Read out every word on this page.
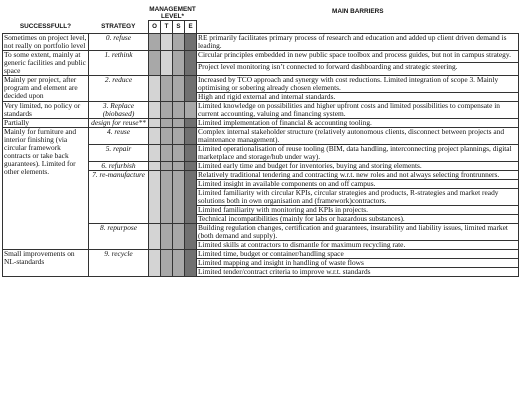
		MANAGEMENT
LEVEL*				MAIN BARRIERS
SUCCESSFULL?	STRATEGY	O	T	S	E	
Sometimes on project level, not really on portfolio level	0. refuse					RE primarily facilitates primary process of research and education and added up client driven demand is leading.
To some extent, mainly at generic facilities and public space	1. rethink					Circular principles embedded in new public space toolbox and process guides, but not in campus strategy.
						Project level monitoring isn’t connected to forward dashboarding and strategic steering.
Mainly per project, after program and element are decided upon	2. reduce					Increased by TCO approach and synergy with cost reductions. Limited integration of scope 3. Mainly optimising or sobering already chosen elements.
						High and rigid external and internal standards.
Very limited, no policy or standards	3. Replace (biobased)					Limited knowledge on possibilities and higher upfront costs and limited possibilities to compensate in current accounting, valuing and financing system.
Partially	design for reuse**					Limited implementation of financial & accounting tooling.
Mainly for furniture and interior finishing (via circular framework contracts or take back guarantees). Limited for other elements.	4. reuse					Complex internal stakeholder structure (relatively autonomous clients, disconnect between projects and maintenance management).
	5. repair					Limited operationalisation of reuse tooling (BIM, data handling, interconnecting project plannings, digital marketplace and storage/hub under way).
	6. refurbish					Limited early time and budget for inventories, buying and storing elements.
	7. re-manufacture					Relatively traditional tendering and contracting w.r.t. new roles and not always selecting frontrunners.
						Limited insight in available components on and off campus.
						Limited familiarity with circular KPIs, circular strategies and products, R-strategies and market ready solutions both in own organisation and (framework)contractors.
						Limited familiarity with monitoring and KPIs in projects.
						Technical incompatibilities (mainly for labs or hazardous substances).
	8. repurpose					Building regulation changes, certification and guarantees, insurability and liability issues, limited market (both demand and supply).
						Limited skills at contractors to dismantle for maximum recycling rate.
Small improvements on NL-standards	9. recycle					Limited time, budget or container/handling space
						Limited mapping and insight in handling of waste flows
						Limited tender/contract criteria to improve w.r.t. standards
